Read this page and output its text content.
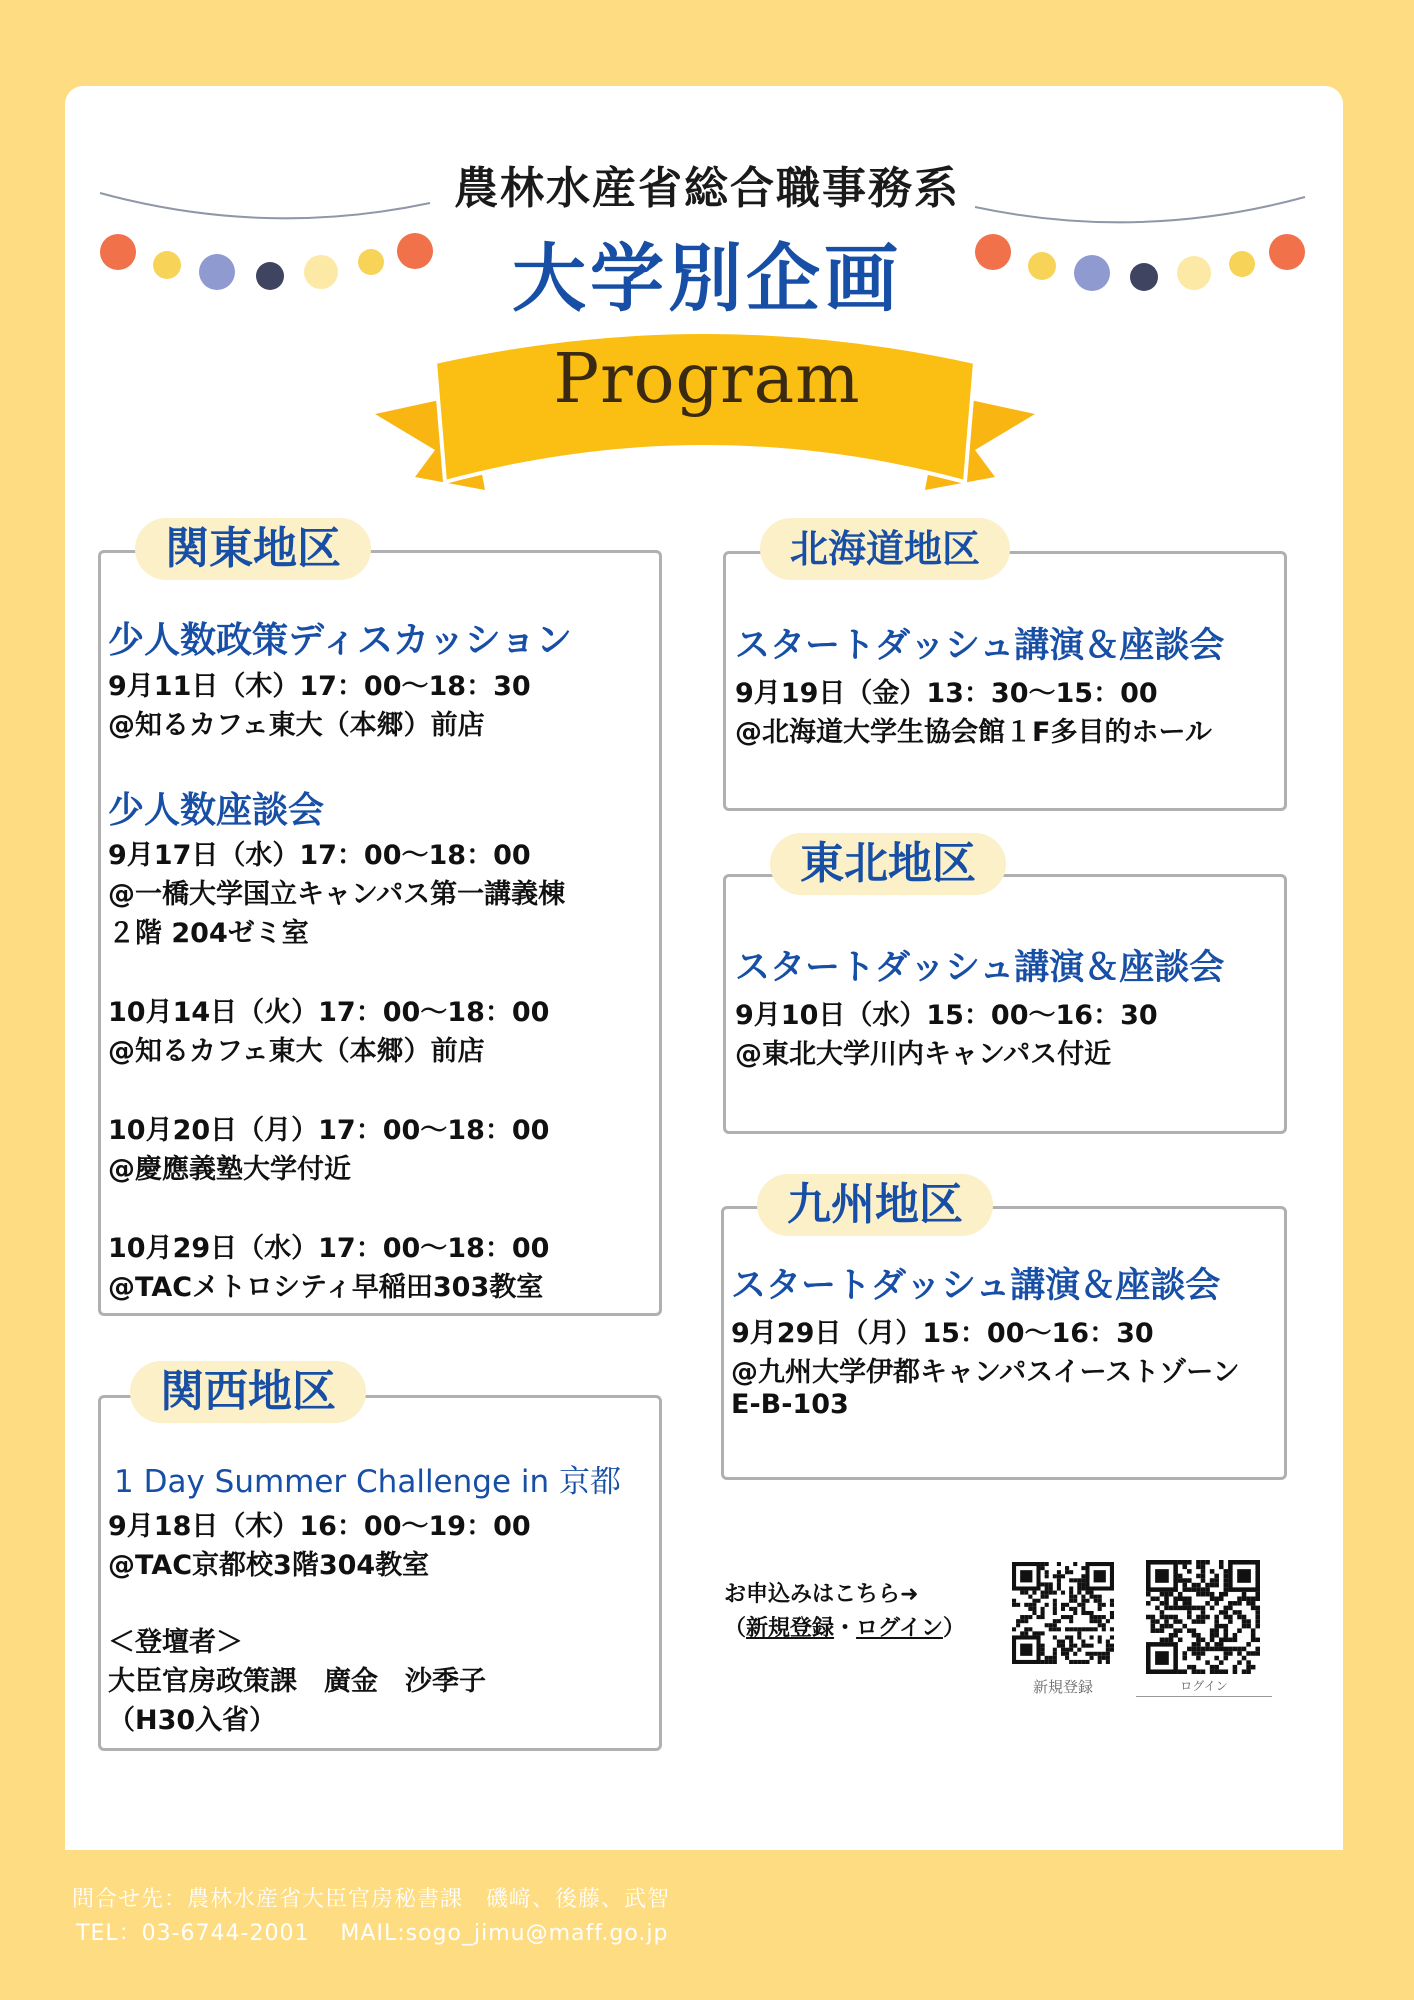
農林水産省総合職事務系
大学別企画
Program
関東地区
少人数政策ディスカッション
9月11日（木）17：00〜18：30
@知るカフェ東大（本郷）前店
少人数座談会
9月17日（水）17：00〜18：00
@一橋大学国立キャンパス第一講義棟
２階 204ゼミ室
10月14日（火）17：00〜18：00
@知るカフェ東大（本郷）前店
10月20日（月）17：00〜18：00
@慶應義塾大学付近
10月29日（水）17：00〜18：00
@TACメトロシティ早稲田303教室
関西地区
1 Day Summer Challenge in 京都
9月18日（木）16：00〜19：00
@TAC京都校3階304教室
＜登壇者＞
大臣官房政策課　廣金　沙季子
（H30入省）
北海道地区
スタートダッシュ講演＆座談会
9月19日（金）13：30〜15：00
@北海道大学生協会館１F多目的ホール
東北地区
スタートダッシュ講演＆座談会
9月10日（水）15：00〜16：30
@東北大学川内キャンパス付近
九州地区
スタートダッシュ講演＆座談会
9月29日（月）15：00〜16：30
@九州大学伊都キャンパスイーストゾーン
E-B-103
お申込みはこちら➜
（新規登録・ログイン）
新規登録	ログイン
問合せ先：農林水産省大臣官房秘書課　磯﨑、後藤、武智
TEL：03-6744-2001　 MAIL:sogo_jimu@maff.go.jp
